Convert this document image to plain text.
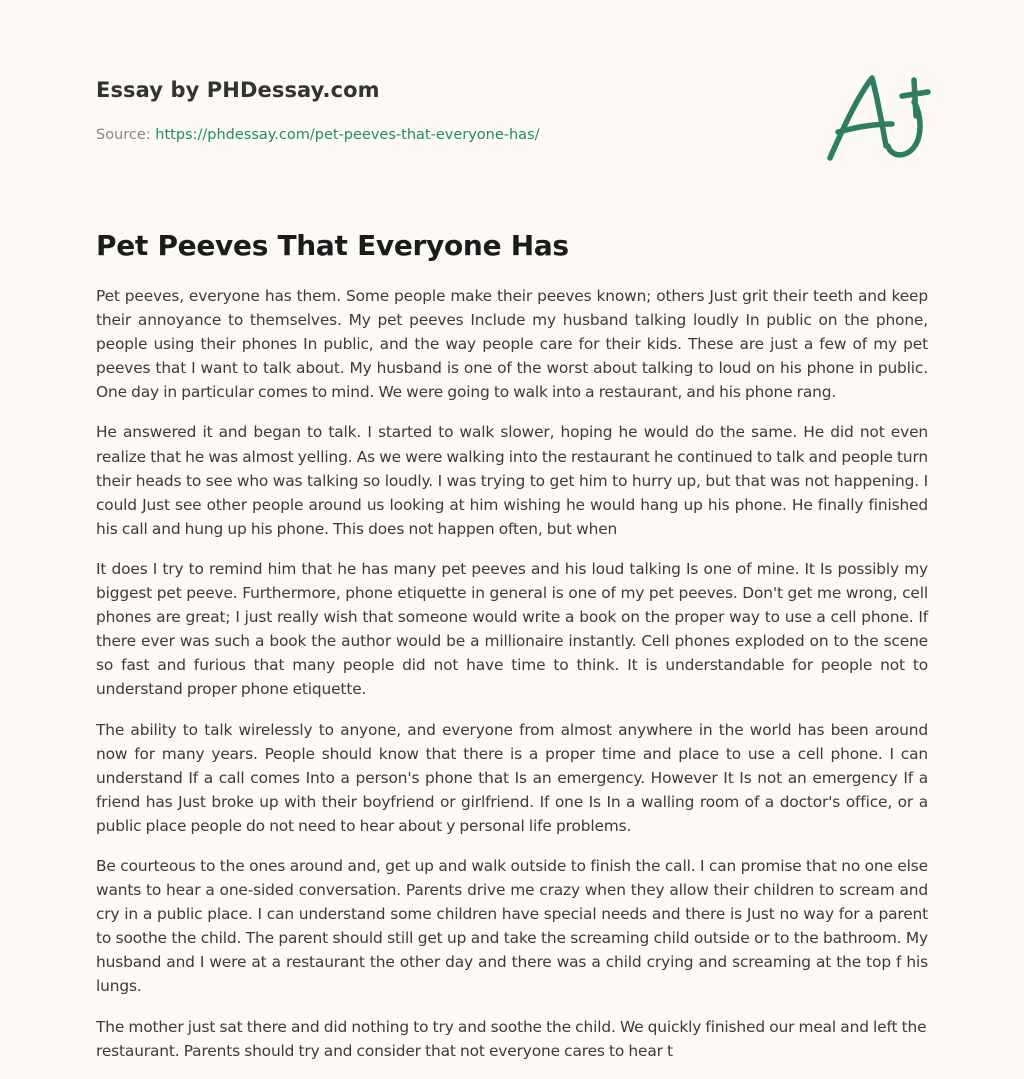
Essay by PHDessay.com
Source: https://phdessay.com/pet-peeves-that-everyone-has/
Pet Peeves That Everyone Has

Pet peeves, everyone has them. Some people make their peeves known; others Just grit their teeth and keep their annoyance to themselves. My pet peeves Include my husband talking loudly In public on the phone, people using their phones In public, and the way people care for their kids. These are just a few of my pet peeves that I want to talk about. My husband is one of the worst about talking to loud on his phone in public. One day in particular comes to mind. We were going to walk into a restaurant, and his phone rang.

He answered it and began to talk. I started to walk slower, hoping he would do the same. He did not even realize that he was almost yelling. As we were walking into the restaurant he continued to talk and people turn their heads to see who was talking so loudly. I was trying to get him to hurry up, but that was not happening. I could Just see other people around us looking at him wishing he would hang up his phone. He finally finished his call and hung up his phone. This does not happen often, but when

It does I try to remind him that he has many pet peeves and his loud talking Is one of mine. It Is possibly my biggest pet peeve. Furthermore, phone etiquette in general is one of my pet peeves. Don't get me wrong, cell phones are great; I just really wish that someone would write a book on the proper way to use a cell phone. If there ever was such a book the author would be a millionaire instantly. Cell phones exploded on to the scene so fast and furious that many people did not have time to think. It is understandable for people not to understand proper phone etiquette.

The ability to talk wirelessly to anyone, and everyone from almost anywhere in the world has been around now for many years. People should know that there is a proper time and place to use a cell phone. I can understand If a call comes Into a person's phone that Is an emergency. However It Is not an emergency If a friend has Just broke up with their boyfriend or girlfriend. If one Is In a walling room of a doctor's office, or a public place people do not need to hear about y personal life problems.

Be courteous to the ones around and, get up and walk outside to finish the call. I can promise that no one else wants to hear a one-sided conversation. Parents drive me crazy when they allow their children to scream and cry in a public place. I can understand some children have special needs and there is Just no way for a parent to soothe the child. The parent should still get up and take the screaming child outside or to the bathroom. My husband and I were at a restaurant the other day and there was a child crying and screaming at the top f his lungs.

The mother just sat there and did nothing to try and soothe the child. We quickly finished our meal and left the restaurant. Parents should try and consider that not everyone cares to hear t
